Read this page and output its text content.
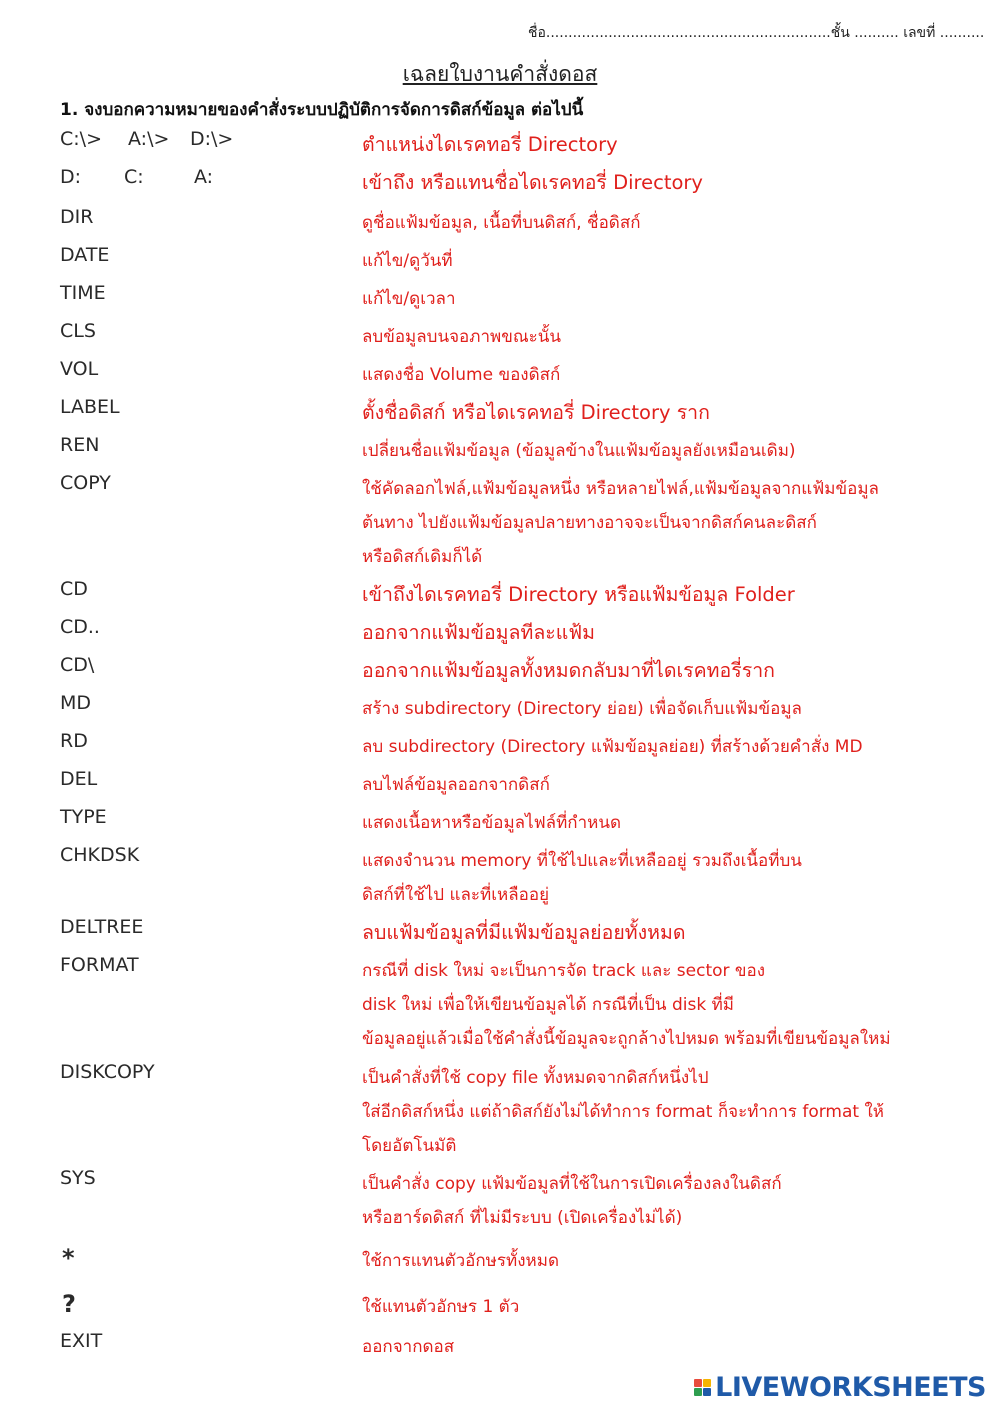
ชื่อ................................................................ชั้น .......... เลขที่ ..........
เฉลยใบงานคำสั่งดอส
1. จงบอกความหมายของคำสั่งระบบปฏิบัติการจัดการดิสก์ข้อมูล ต่อไปนี้
C:\> A:\> D:\>	ตำแหน่งไดเรคทอรี่ Directory
D: C:	A:	เข้าถึง หรือแทนชื่อไดเรคทอรี่ Directory
DIR	ดูชื่อแฟ้มข้อมูล, เนื้อที่บนดิสก์, ชื่อดิสก์
DATE	แก้ไข/ดูวันที่
TIME	แก้ไข/ดูเวลา
CLS	ลบข้อมูลบนจอภาพขณะนั้น
VOL	แสดงชื่อ Volume ของดิสก์
LABEL	ตั้งชื่อดิสก์ หรือไดเรคทอรี่ Directory ราก
REN	เปลี่ยนชื่อแฟ้มข้อมูล (ข้อมูลข้างในแฟ้มข้อมูลยังเหมือนเดิม)
COPY	ใช้คัดลอกไฟล์,แฟ้มข้อมูลหนึ่ง หรือหลายไฟล์,แฟ้มข้อมูลจากแฟ้มข้อมูล
ต้นทาง ไปยังแฟ้มข้อมูลปลายทางอาจจะเป็นจากดิสก์คนละดิสก์
หรือดิสก์เดิมก็ได้
CD	เข้าถึงไดเรคทอรี่ Directory หรือแฟ้มข้อมูล Folder
CD..	ออกจากแฟ้มข้อมูลทีละแฟ้ม
CD\	ออกจากแฟ้มข้อมูลทั้งหมดกลับมาที่ไดเรคทอรี่ราก
MD	สร้าง subdirectory (Directory ย่อย) เพื่อจัดเก็บแฟ้มข้อมูล
RD	ลบ subdirectory (Directory แฟ้มข้อมูลย่อย) ที่สร้างด้วยคำสั่ง MD
DEL	ลบไฟล์ข้อมูลออกจากดิสก์
TYPE	แสดงเนื้อหาหรือข้อมูลไฟล์ที่กำหนด
CHKDSK	แสดงจำนวน memory ที่ใช้ไปและที่เหลืออยู่ รวมถึงเนื้อที่บน
ดิสก์ที่ใช้ไป และที่เหลืออยู่
DELTREE	ลบแฟ้มข้อมูลที่มีแฟ้มข้อมูลย่อยทั้งหมด
FORMAT	กรณีที่ disk ใหม่ จะเป็นการจัด track และ sector ของ
disk ใหม่ เพื่อให้เขียนข้อมูลได้ กรณีที่เป็น disk ที่มี
ข้อมูลอยู่แล้วเมื่อใช้คำสั่งนี้ข้อมูลจะถูกล้างไปหมด พร้อมที่เขียนข้อมูลใหม่
DISKCOPY	เป็นคำสั่งที่ใช้ copy file ทั้งหมดจากดิสก์หนึ่งไป
ใส่อีกดิสก์หนึ่ง แต่ถ้าดิสก์ยังไม่ได้ทำการ format ก็จะทำการ format ให้
โดยอัตโนมัติ
SYS	เป็นคำสั่ง copy แฟ้มข้อมูลที่ใช้ในการเปิดเครื่องลงในดิสก์
หรือฮาร์ดดิสก์ ที่ไม่มีระบบ (เปิดเครื่องไม่ได้)
*	ใช้การแทนตัวอักษรทั้งหมด
?	ใช้แทนตัวอักษร 1 ตัว
EXIT	ออกจากดอส
LIVEWORKSHEETS
